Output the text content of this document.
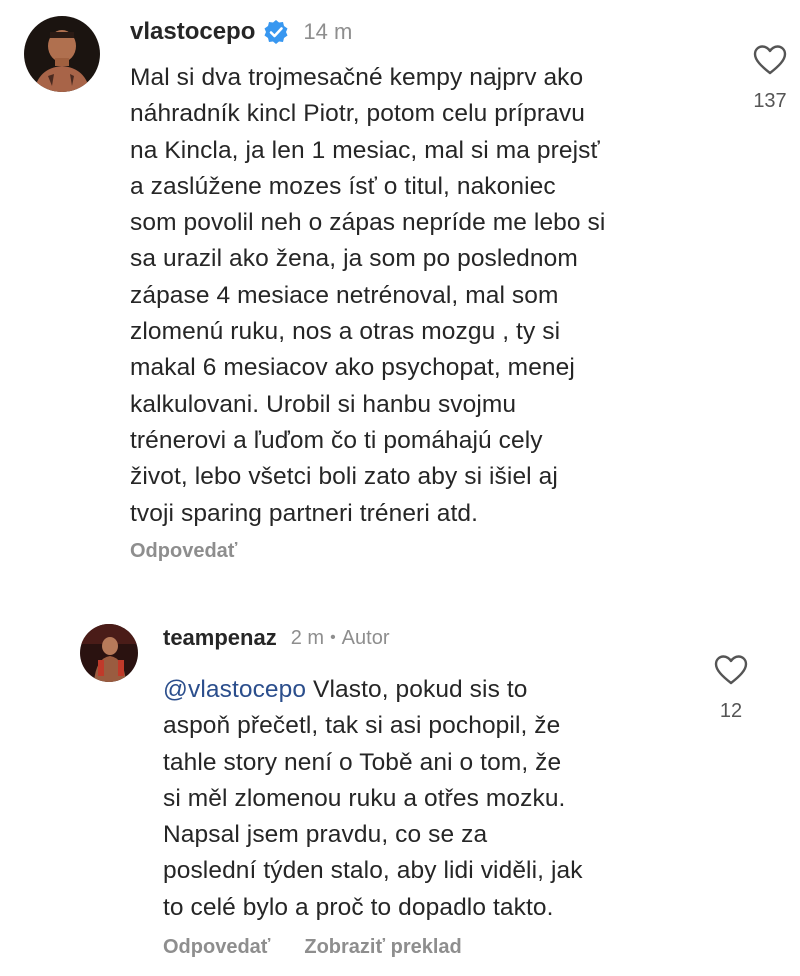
vlastocepo 14 m
Mal si dva trojmesačné kempy najprv ako
náhradník kincl Piotr, potom celu prípravu
na Kincla, ja len 1 mesiac, mal si ma prejsť
a zaslúžene mozes ísť o titul, nakoniec
som povolil neh o zápas nepríde me lebo si
sa urazil ako žena, ja som po poslednom
zápase 4 mesiace netrénoval, mal som
zlomenú ruku, nos a otras mozgu , ty si
makal 6 mesiacov ako psychopat, menej
kalkulovani. Urobil si hanbu svojmu
trénerovi a ľuďom čo ti pomáhajú cely
život, lebo všetci boli zato aby si išiel aj
tvoji sparing partneri tréneri atd.
Odpovedať
137
teampenaz 2 m • Autor
@vlastocepo Vlasto, pokud sis to
aspoň přečetl, tak si asi pochopil, že
tahle story není o Tobě ani o tom, že
si měl zlomenou ruku a otřes mozku.
Napsal jsem pravdu, co se za
poslední týden stalo, aby lidi viděli, jak
to celé bylo a proč to dopadlo takto.
Odpovedať Zobraziť preklad
12
